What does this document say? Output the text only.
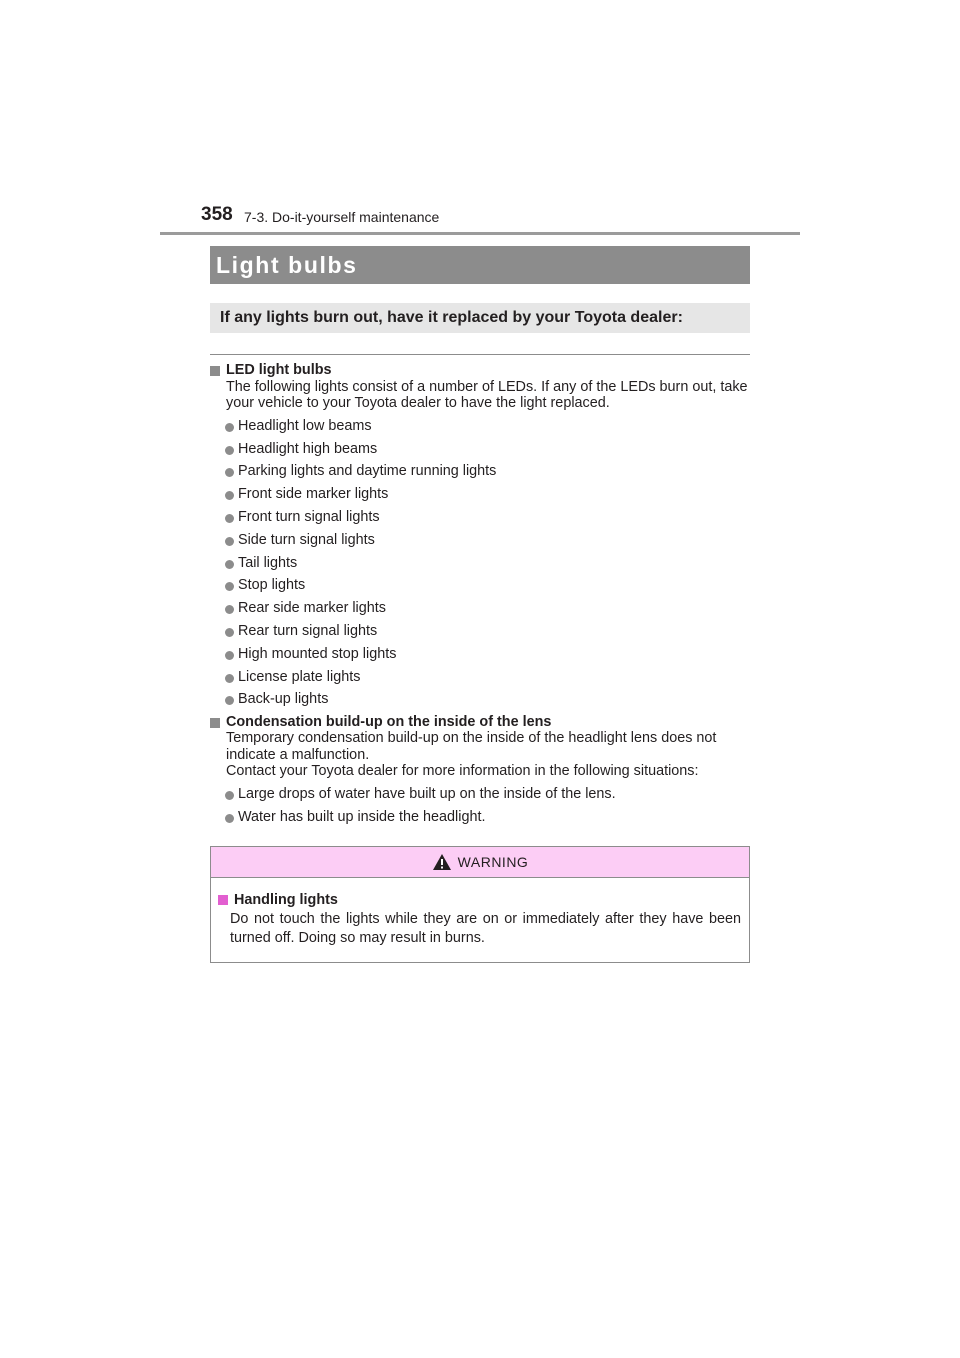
358 7-3. Do-it-yourself maintenance
Light bulbs
If any lights burn out, have it replaced by your Toyota dealer:
LED light bulbs
The following lights consist of a number of LEDs. If any of the LEDs burn out, take your vehicle to your Toyota dealer to have the light replaced.
Headlight low beams
Headlight high beams
Parking lights and daytime running lights
Front side marker lights
Front turn signal lights
Side turn signal lights
Tail lights
Stop lights
Rear side marker lights
Rear turn signal lights
High mounted stop lights
License plate lights
Back-up lights
Condensation build-up on the inside of the lens
Temporary condensation build-up on the inside of the headlight lens does not indicate a malfunction.
Contact your Toyota dealer for more information in the following situations:
Large drops of water have built up on the inside of the lens.
Water has built up inside the headlight.
WARNING
Handling lights
Do not touch the lights while they are on or immediately after they have been turned off. Doing so may result in burns.
